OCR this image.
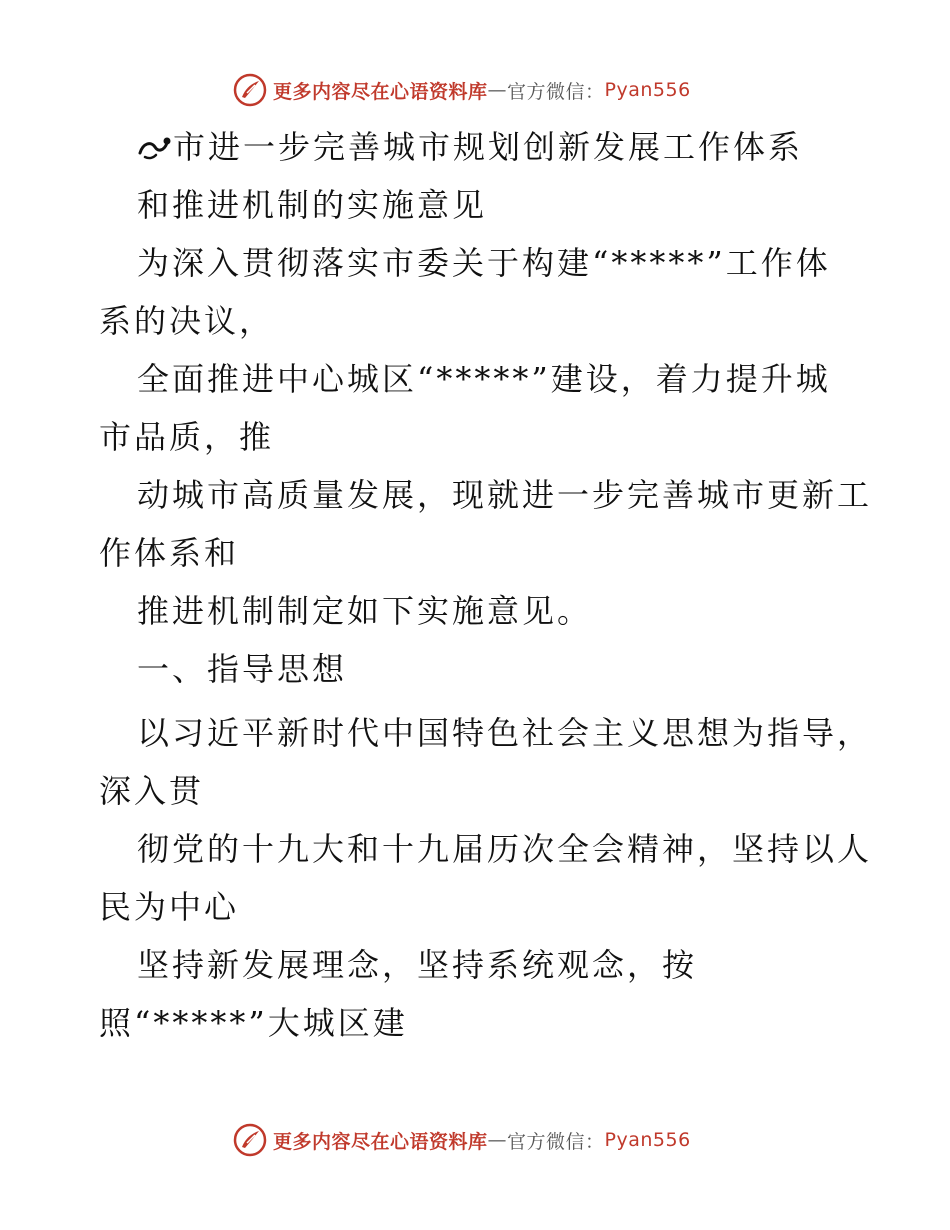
更多内容尽在心语资料库 — 官方微信： Pyan556
市进一步完善城市规划创新发展工作体系
和推进机制的实施意见
为深入贯彻落实市委关于构建“*****”工作体
系的决议，
全面推进中心城区“*****”建设，着力提升城
市品质，推
动城市高质量发展，现就进一步完善城市更新工
作体系和
推进机制制定如下实施意见。
一、指导思想
以习近平新时代中国特色社会主义思想为指导，
深入贯
彻党的十九大和十九届历次全会精神，坚持以人
民为中心
坚持新发展理念，坚持系统观念，按
照“*****”大城区建
更多内容尽在心语资料库 — 官方微信： Pyan556
